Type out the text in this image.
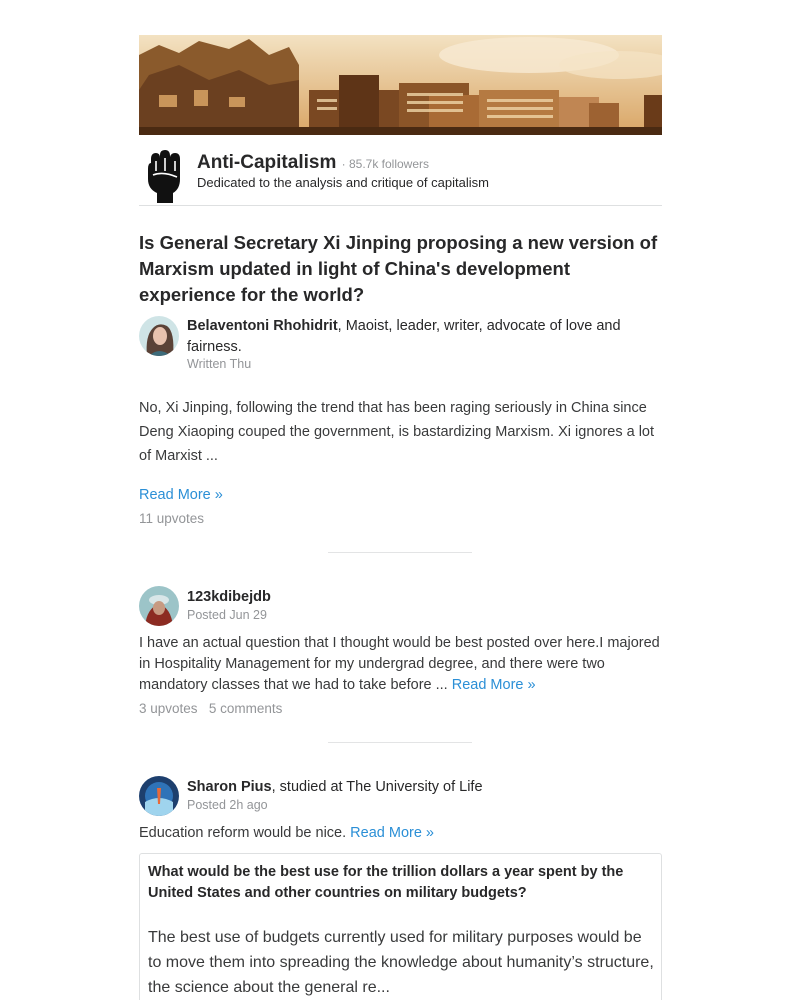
Anti-Capitalism · 85.7k followers
Dedicated to the analysis and critique of capitalism
Is General Secretary Xi Jinping proposing a new version of Marxism updated in light of China's development experience for the world?
Belaventoni Rhohidrit, Maoist, leader, writer, advocate of love and fairness.
Written Thu
No, Xi Jinping, following the trend that has been raging seriously in China since Deng Xiaoping couped the government, is bastardizing Marxism. Xi ignores a lot of Marxist ...
Read More »
11 upvotes
123kdibejdb
Posted Jun 29
I have an actual question that I thought would be best posted over here.I majored in Hospitality Management for my undergrad degree, and there were two mandatory classes that we had to take before ... Read More »
3 upvotes 5 comments
Sharon Pius, studied at The University of Life
Posted 2h ago
Education reform would be nice. Read More »
What would be the best use for the trillion dollars a year spent by the United States and other countries on military budgets?
The best use of budgets currently used for military purposes would be to move them into spreading the knowledge about humanity’s structure, the science about the general re...
